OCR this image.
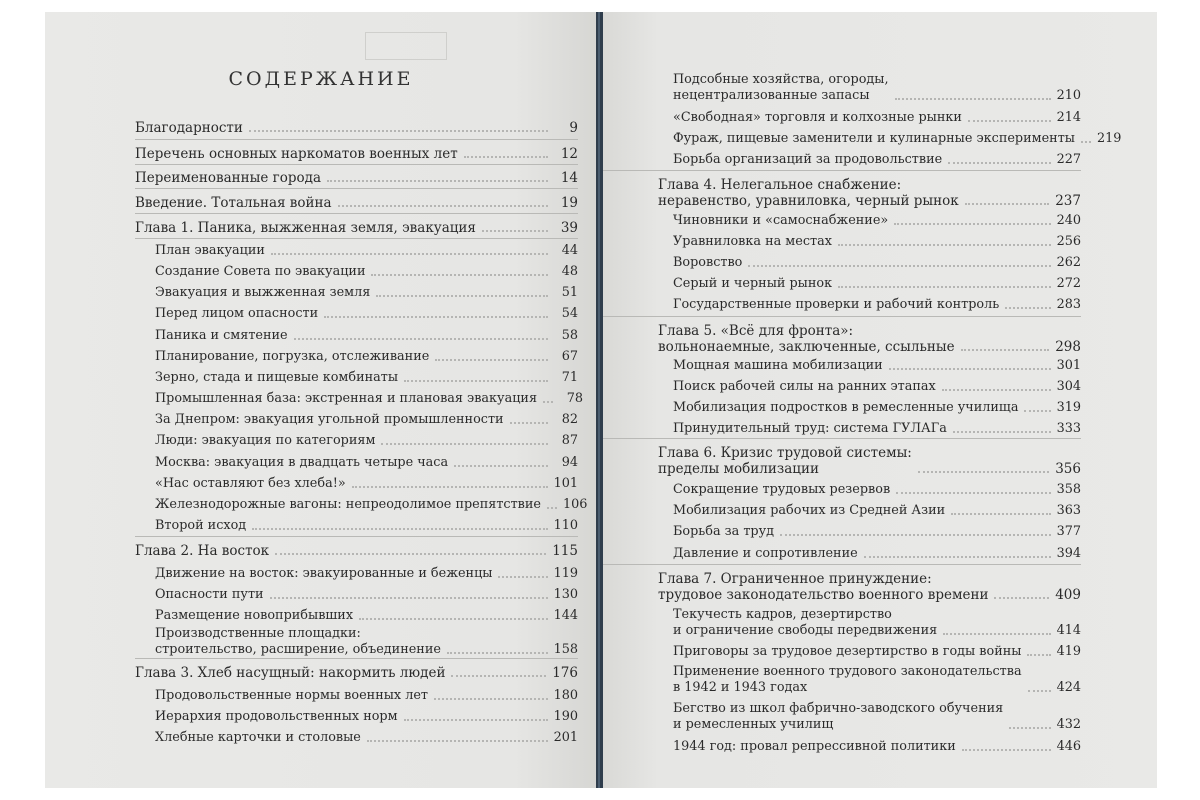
СОДЕРЖАНИЕ
Благодарности	9
Перечень основных наркоматов военных лет	12
Переименованные города	14
Введение. Тотальная война	19
Глава 1. Паника, выжженная земля, эвакуация	39
План эвакуации	44
Создание Совета по эвакуации	48
Эвакуация и выжженная земля	51
Перед лицом опасности	54
Паника и смятение	58
Планирование, погрузка, отслеживание	67
Зерно, стада и пищевые комбинаты	71
Промышленная база: экстренная и плановая эвакуация	78
За Днепром: эвакуация угольной промышленности	82
Люди: эвакуация по категориям	87
Москва: эвакуация в двадцать четыре часа	94
«Нас оставляют без хлеба!»	101
Железнодорожные вагоны: непреодолимое препятствие 106
Второй исход	110
Глава 2. На восток	115
Движение на восток: эвакуированные и беженцы	119
Опасности пути	130
Размещение новоприбывших	144
Производственные площадки:
строительство, расширение, объединение	158
Глава 3. Хлеб насущный: накормить людей	176
Продовольственные нормы военных лет	180
Иерархия продовольственных норм	190
Хлебные карточки и столовые	201
Подсобные хозяйства, огороды,
нецентрализованные запасы	210
«Свободная» торговля и колхозные рынки	214
Фураж, пищевые заменители и кулинарные эксперименты 219
Борьба организаций за продовольствие	227
Глава 4. Нелегальное снабжение:
неравенство, уравниловка, черный рынок	237
Чиновники и «самоснабжение»	240
Уравниловка на местах	256
Воровство	262
Серый и черный рынок	272
Государственные проверки и рабочий контроль	283
Глава 5. «Всё для фронта»:
вольнонаемные, заключенные, ссыльные	298
Мощная машина мобилизации	301
Поиск рабочей силы на ранних этапах	304
Мобилизация подростков в ремесленные училища	319
Принудительный труд: система ГУЛАГа	333
Глава 6. Кризис трудовой системы:
пределы мобилизации	356
Сокращение трудовых резервов	358
Мобилизация рабочих из Средней Азии	363
Борьба за труд	377
Давление и сопротивление	394
Глава 7. Ограниченное принуждение:
трудовое законодательство военного времени	409
Текучесть кадров, дезертирство
и ограничение свободы передвижения	414
Приговоры за трудовое дезертирство в годы войны	419
Применение военного трудового законодательства
в 1942 и 1943 годах	424
Бегство из школ фабрично-заводского обучения
и ремесленных училищ	432
1944 год: провал репрессивной политики	446
